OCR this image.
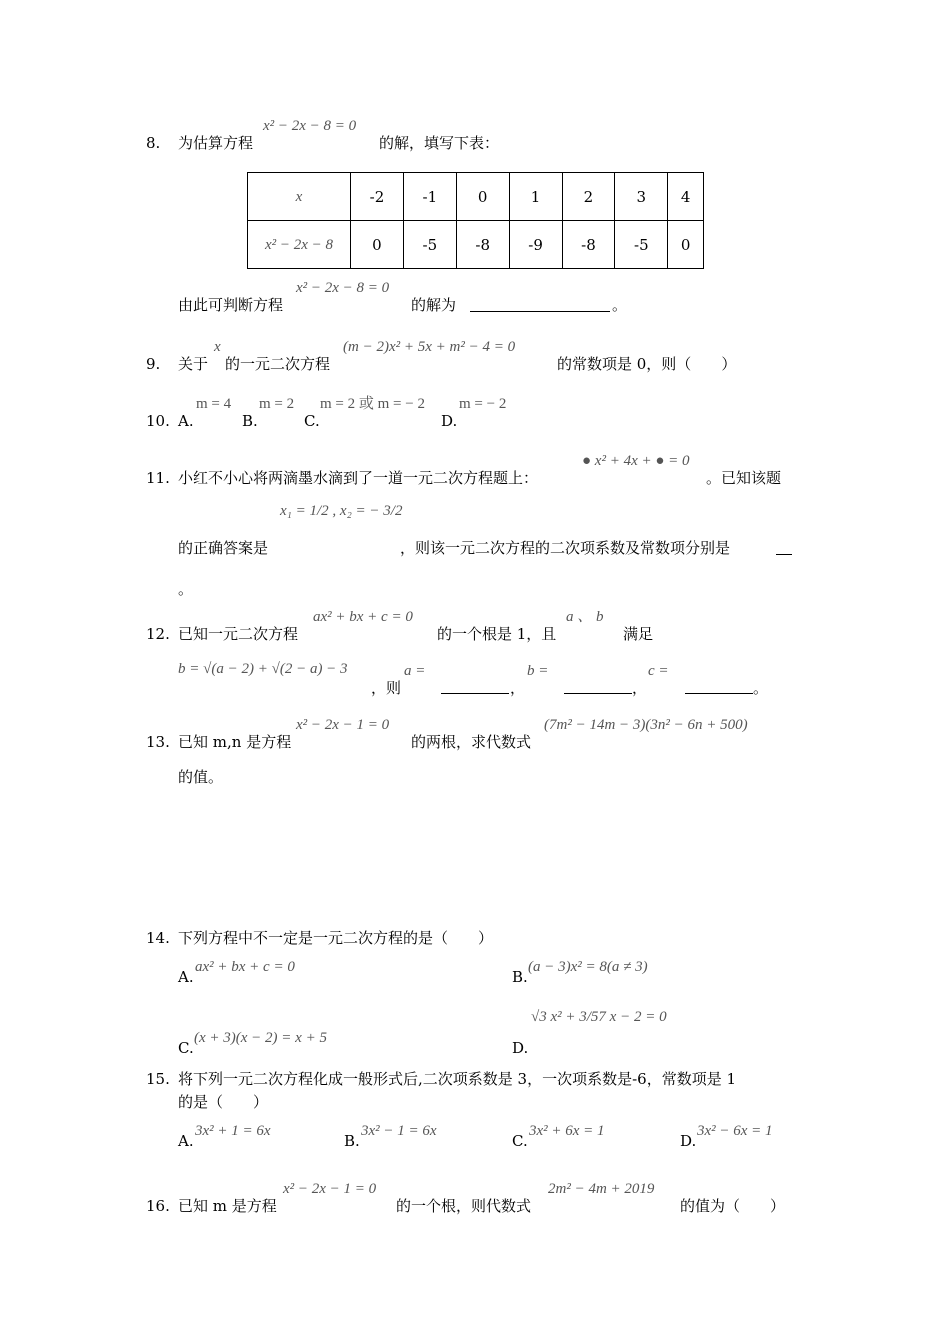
8. 为估算方程
x² − 2x − 8 = 0
的解，填写下表：
x	-2	-1	0	1	2	3	4
x² − 2x − 8	0	-5	-8	-9	-8	-5	0
由此可判断方程
x² − 2x − 8 = 0
的解为	。
9. 关于
x
的一元二次方程
(m − 2)x² + 5x + m² − 4 = 0
的常数项是 0，则（　　）
10. A.
m = 4
B.
m = 2
C.
m = 2 或 m = − 2
D.
m = − 2
11. 小红不小心将两滴墨水滴到了一道一元二次方程题上：
● x² + 4x + ● = 0
。已知该题
x₁ = 1/2 , x₂ = − 3/2
的正确答案是	，则该一元二次方程的二次项系数及常数项分别是
。
12. 已知一元二次方程
ax² + bx + c = 0
的一个根是 1，且
a 、 b
满足
b = √(a − 2) + √(2 − a) − 3
，则
a =
，
b =
，
c =
。
13. 已知 m,n 是方程
x² − 2x − 1 = 0
的两根，求代数式
(7m² − 14m − 3)(3n² − 6n + 500)
的值。
14. 下列方程中不一定是一元二次方程的是（　　）
A.
ax² + bx + c = 0
B.
(a − 3)x² = 8(a ≠ 3)
C.
(x + 3)(x − 2) = x + 5
D.
√3 x² + 3/57 x − 2 = 0
15. 将下列一元二次方程化成一般形式后,二次项系数是 3，一次项系数是-6，常数项是 1
的是（　　）
A.
3x² + 1 = 6x
B.
3x² − 1 = 6x
C.
3x² + 6x = 1
D.
3x² − 6x = 1
16. 已知 m 是方程
x² − 2x − 1 = 0
的一个根，则代数式
2m² − 4m + 2019
的值为（　　）
